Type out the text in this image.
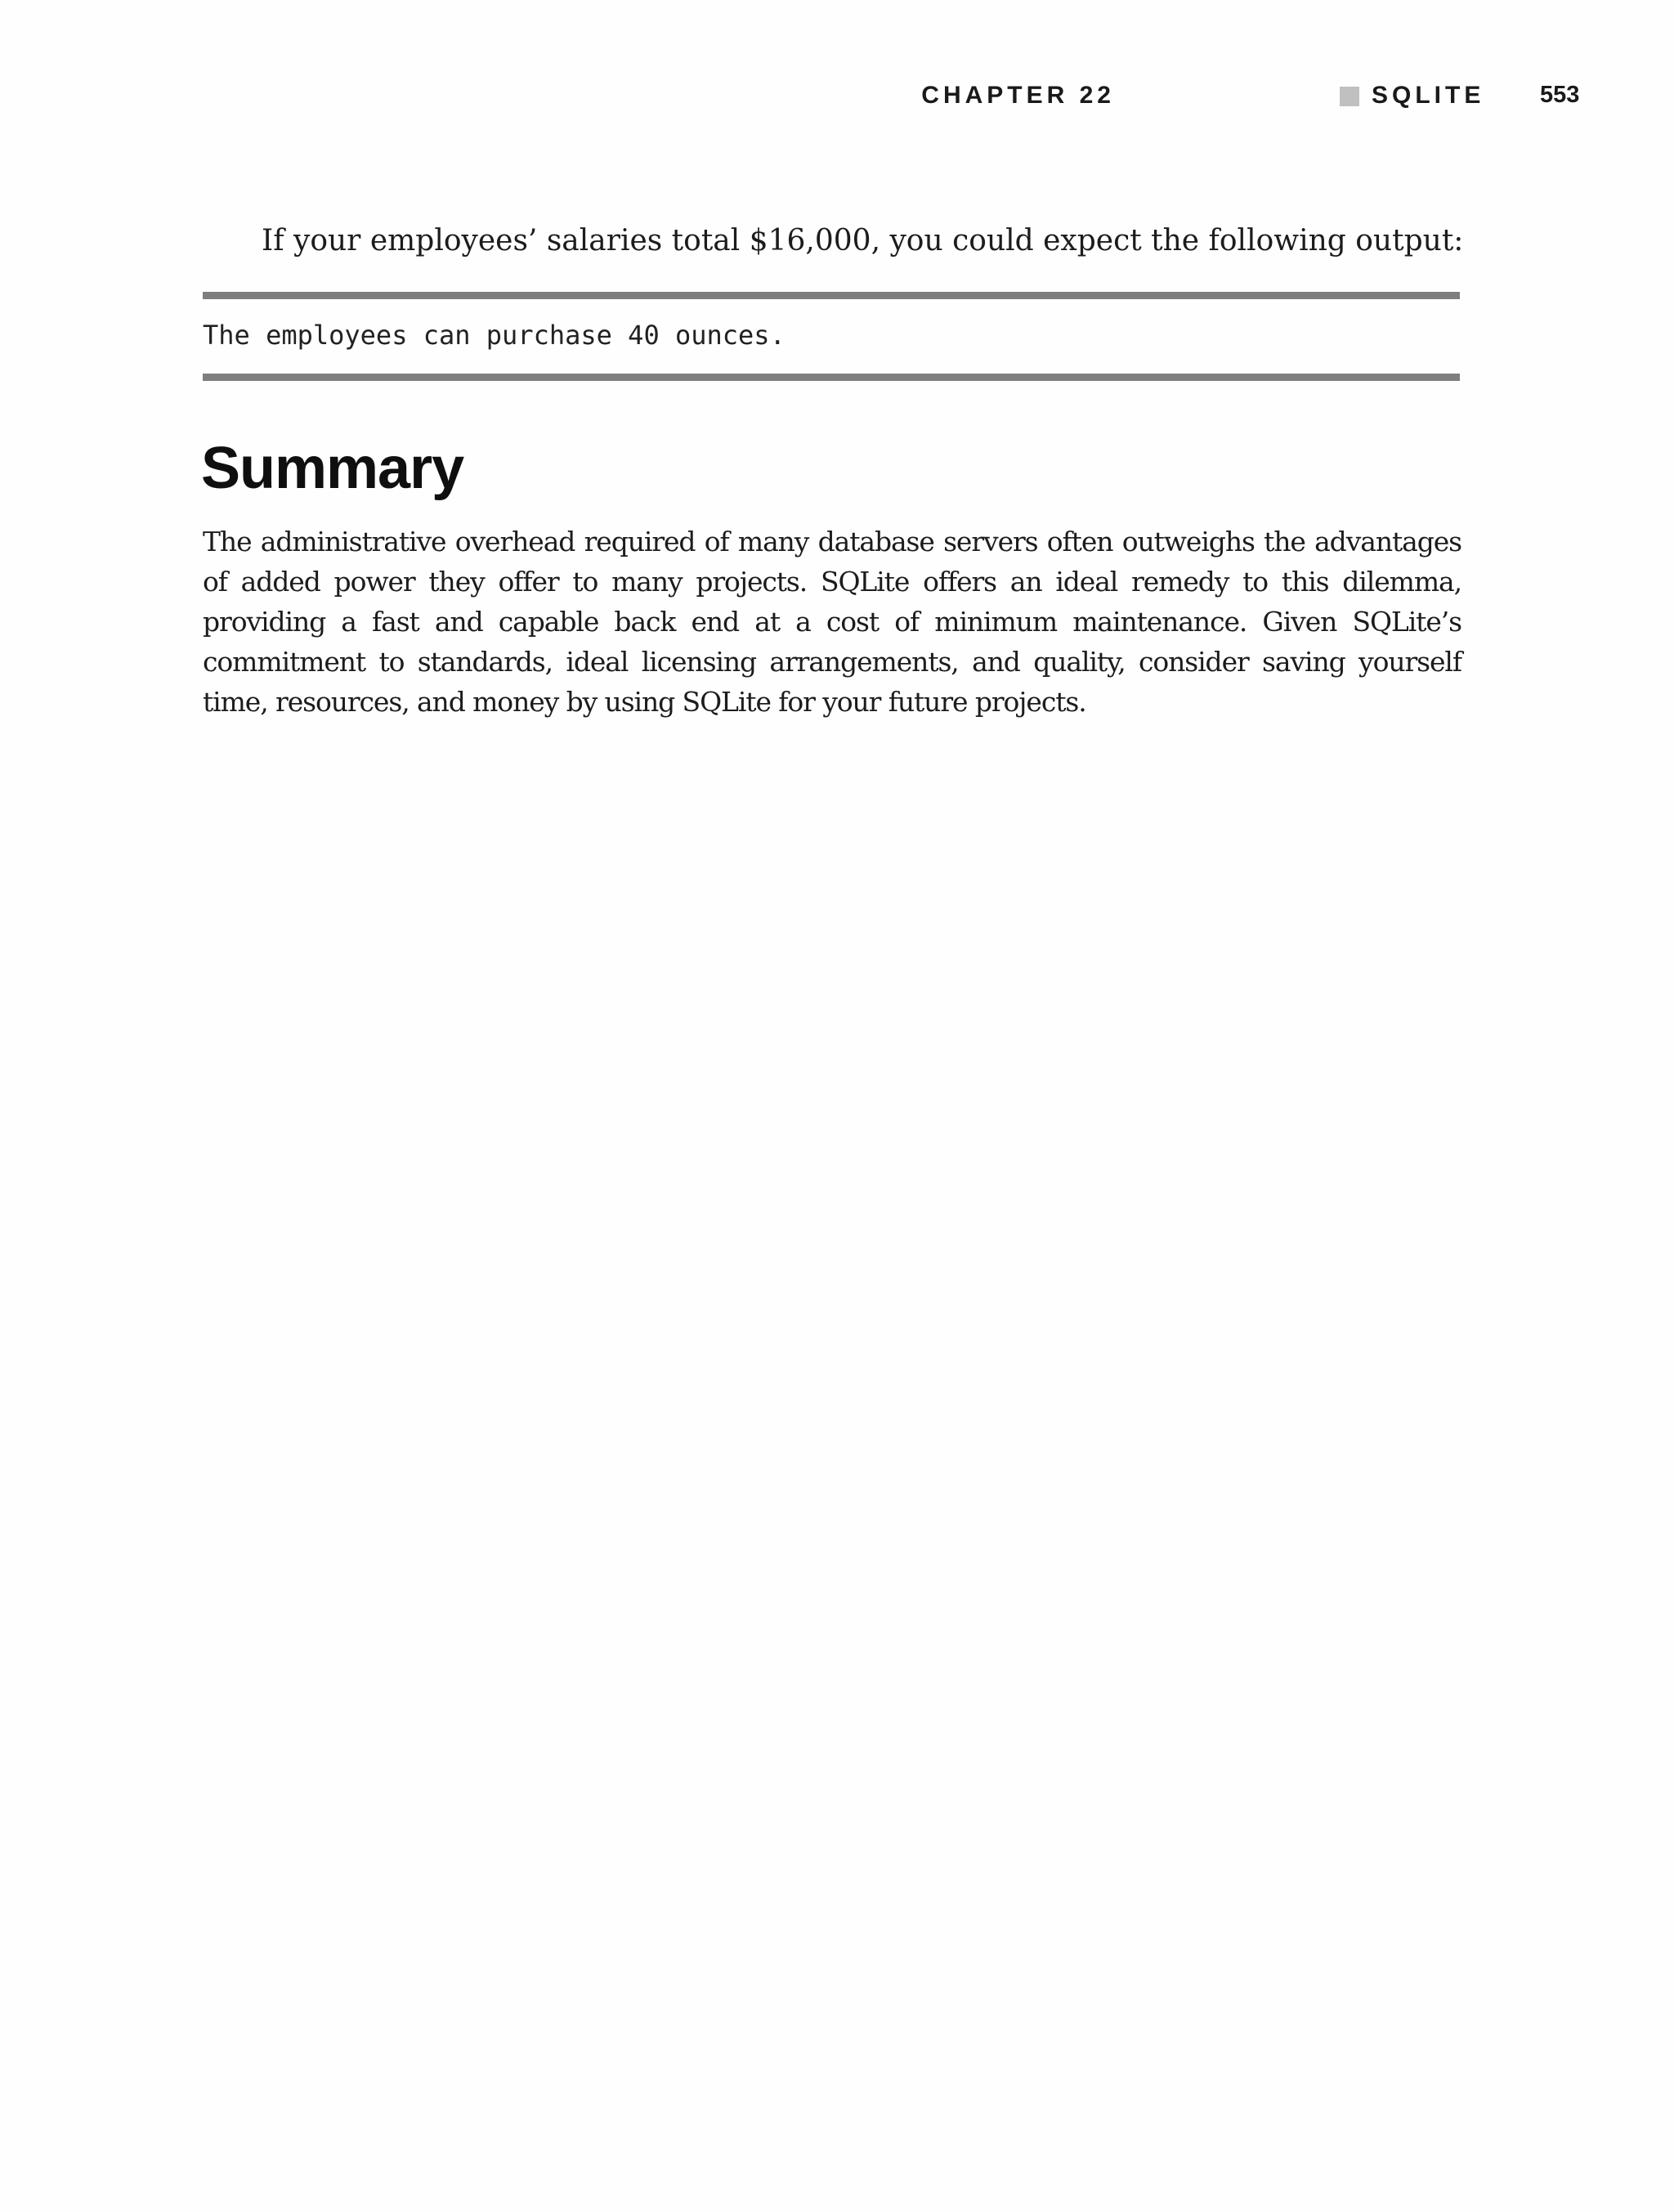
CHAPTER 22	SQLITE 553

If your employees’ salaries total $16,000, you could expect the following output:

The employees can purchase 40 ounces.
Summary

The administrative overhead required of many database servers often outweighs the advantages of added power they offer to many projects. SQLite offers an ideal remedy to this dilemma, providing a fast and capable back end at a cost of minimum maintenance. Given SQLite’s commitment to standards, ideal licensing arrangements, and quality, consider saving yourself time, resources, and money by using SQLite for your future projects.
